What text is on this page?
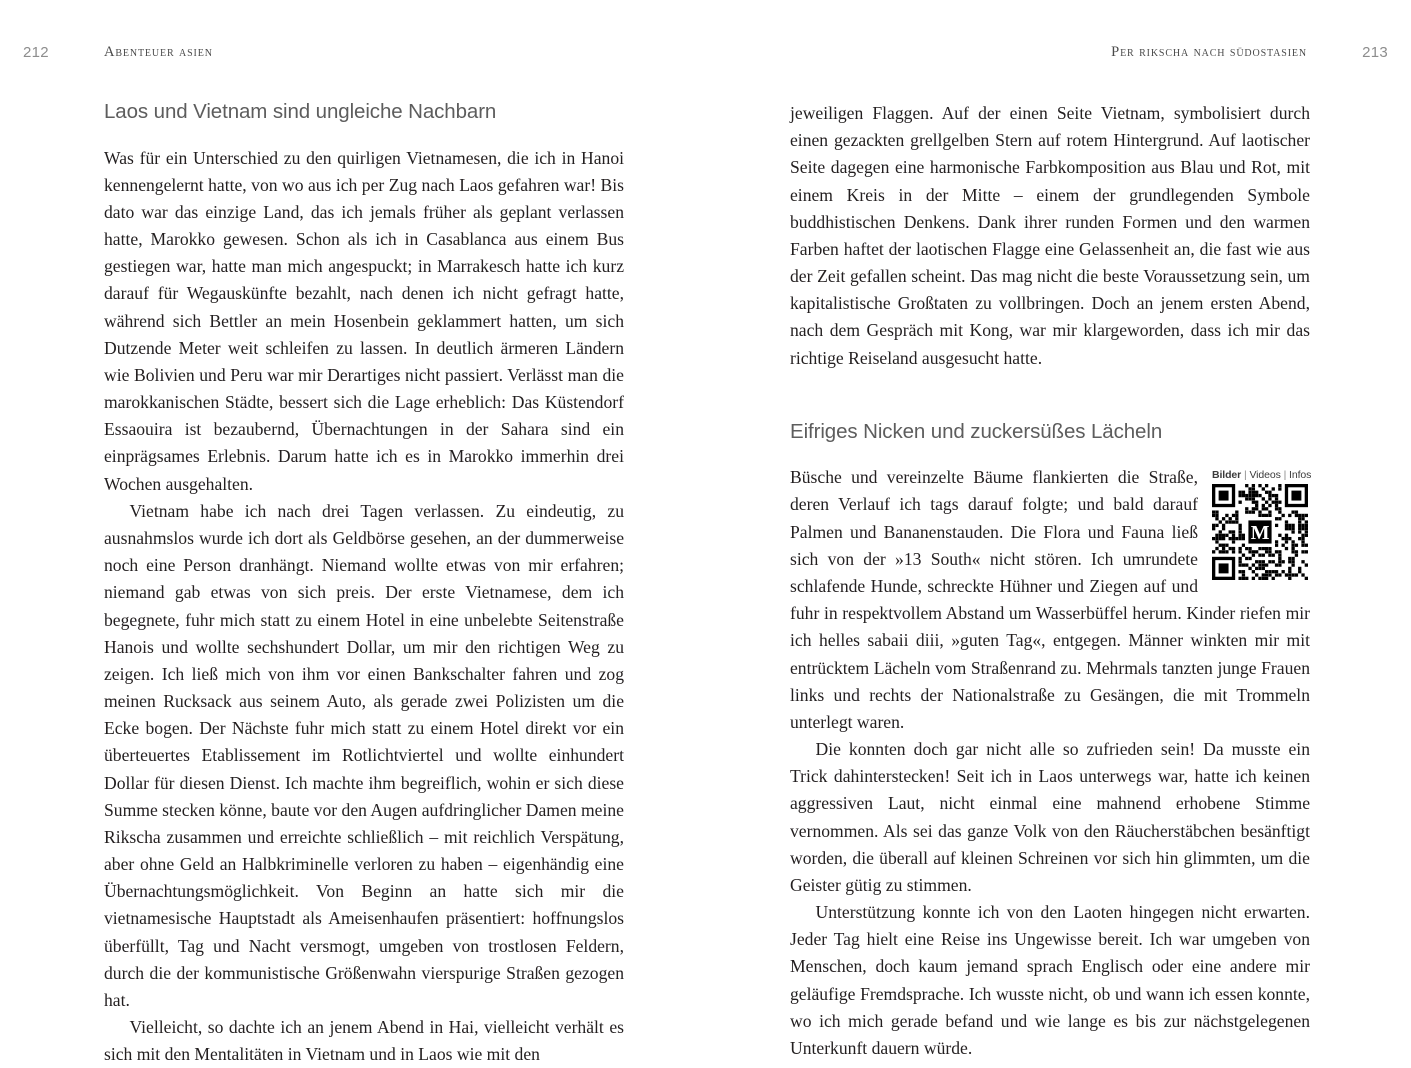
212	abenteuer asien	per rikscha nach südostasien	213
Laos und Vietnam sind ungleiche Nachbarn

Was für ein Unterschied zu den quirligen Vietnamesen, die ich in Hanoi kennengelernt hatte, von wo aus ich per Zug nach Laos gefahren war! Bis dato war das einzige Land, das ich jemals früher als geplant verlassen hatte, Marokko gewesen. Schon als ich in Casablanca aus einem Bus gestiegen war, hatte man mich angespuckt; in Marrakesch hatte ich kurz darauf für Wegauskünfte bezahlt, nach denen ich nicht gefragt hatte, während sich Bettler an mein Hosenbein geklammert hatten, um sich Dutzende Meter weit schleifen zu lassen. In deutlich ärmeren Ländern wie Bolivien und Peru war mir Derartiges nicht passiert. Verlässt man die marokkanischen Städte, bessert sich die Lage erheblich: Das Küstendorf Essaouira ist bezaubernd, Übernachtungen in der Sahara sind ein einprägsames Erlebnis. Darum hatte ich es in Marokko immerhin drei Wochen ausgehalten.

Vietnam habe ich nach drei Tagen verlassen. Zu eindeutig, zu ausnahmslos wurde ich dort als Geldbörse gesehen, an der dummerweise noch eine Person dranhängt. Niemand wollte etwas von mir erfahren; niemand gab etwas von sich preis. Der erste Vietnamese, dem ich begegnete, fuhr mich statt zu einem Hotel in eine unbelebte Seitenstraße Hanois und wollte sechshundert Dollar, um mir den richtigen Weg zu zeigen. Ich ließ mich von ihm vor einen Bankschalter fahren und zog meinen Rucksack aus seinem Auto, als gerade zwei Polizisten um die Ecke bogen. Der Nächste fuhr mich statt zu einem Hotel direkt vor ein überteuertes Etablissement im Rotlichtviertel und wollte einhundert Dollar für diesen Dienst. Ich machte ihm begreiflich, wohin er sich diese Summe stecken könne, baute vor den Augen aufdringlicher Damen meine Rikscha zusammen und erreichte schließlich – mit reichlich Verspätung, aber ohne Geld an Halbkriminelle verloren zu haben – eigenhändig eine Übernachtungsmöglichkeit. Von Beginn an hatte sich mir die vietnamesische Hauptstadt als Ameisenhaufen präsentiert: hoffnungslos überfüllt, Tag und Nacht versmogt, umgeben von trostlosen Feldern, durch die der kommunistische Größenwahn vierspurige Straßen gezogen hat.

Vielleicht, so dachte ich an jenem Abend in Hai, vielleicht verhält es sich mit den Mentalitäten in Vietnam und in Laos wie mit den

jeweiligen Flaggen. Auf der einen Seite Vietnam, symbolisiert durch einen gezackten grellgelben Stern auf rotem Hintergrund. Auf laotischer Seite dagegen eine harmonische Farbkomposition aus Blau und Rot, mit einem Kreis in der Mitte – einem der grundlegenden Symbole buddhistischen Denkens. Dank ihrer runden Formen und den warmen Farben haftet der laotischen Flagge eine Gelassenheit an, die fast wie aus der Zeit gefallen scheint. Das mag nicht die beste Voraussetzung sein, um kapitalistische Großtaten zu vollbringen. Doch an jenem ersten Abend, nach dem Gespräch mit Kong, war mir klargeworden, dass ich mir das richtige Reiseland ausgesucht hatte.

Eifriges Nicken und zuckersüßes Lächeln
Bilder | Videos | Infos

Büsche und vereinzelte Bäume flankierten die Straße, deren Verlauf ich tags darauf folgte; und bald darauf Palmen und Bananenstauden. Die Flora und Fauna ließ sich von der »13 South« nicht stören. Ich umrundete schlafende Hunde, schreckte Hühner und Ziegen auf und fuhr in respektvollem Abstand um Wasserbüffel herum. Kinder riefen mir ich helles sabaii diii, »guten Tag«, entgegen. Männer winkten mir mit entrücktem Lächeln vom Straßenrand zu. Mehrmals tanzten junge Frauen links und rechts der Nationalstraße zu Gesängen, die mit Trommeln unterlegt waren.

Die konnten doch gar nicht alle so zufrieden sein! Da musste ein Trick dahinterstecken! Seit ich in Laos unterwegs war, hatte ich keinen aggressiven Laut, nicht einmal eine mahnend erhobene Stimme vernommen. Als sei das ganze Volk von den Räucherstäbchen besänftigt worden, die überall auf kleinen Schreinen vor sich hin glimmten, um die Geister gütig zu stimmen.

Unterstützung konnte ich von den Laoten hingegen nicht erwarten. Jeder Tag hielt eine Reise ins Ungewisse bereit. Ich war umgeben von Menschen, doch kaum jemand sprach Englisch oder eine andere mir geläufige Fremdsprache. Ich wusste nicht, ob und wann ich essen konnte, wo ich mich gerade befand und wie lange es bis zur nächstgelegenen Unterkunft dauern würde.
